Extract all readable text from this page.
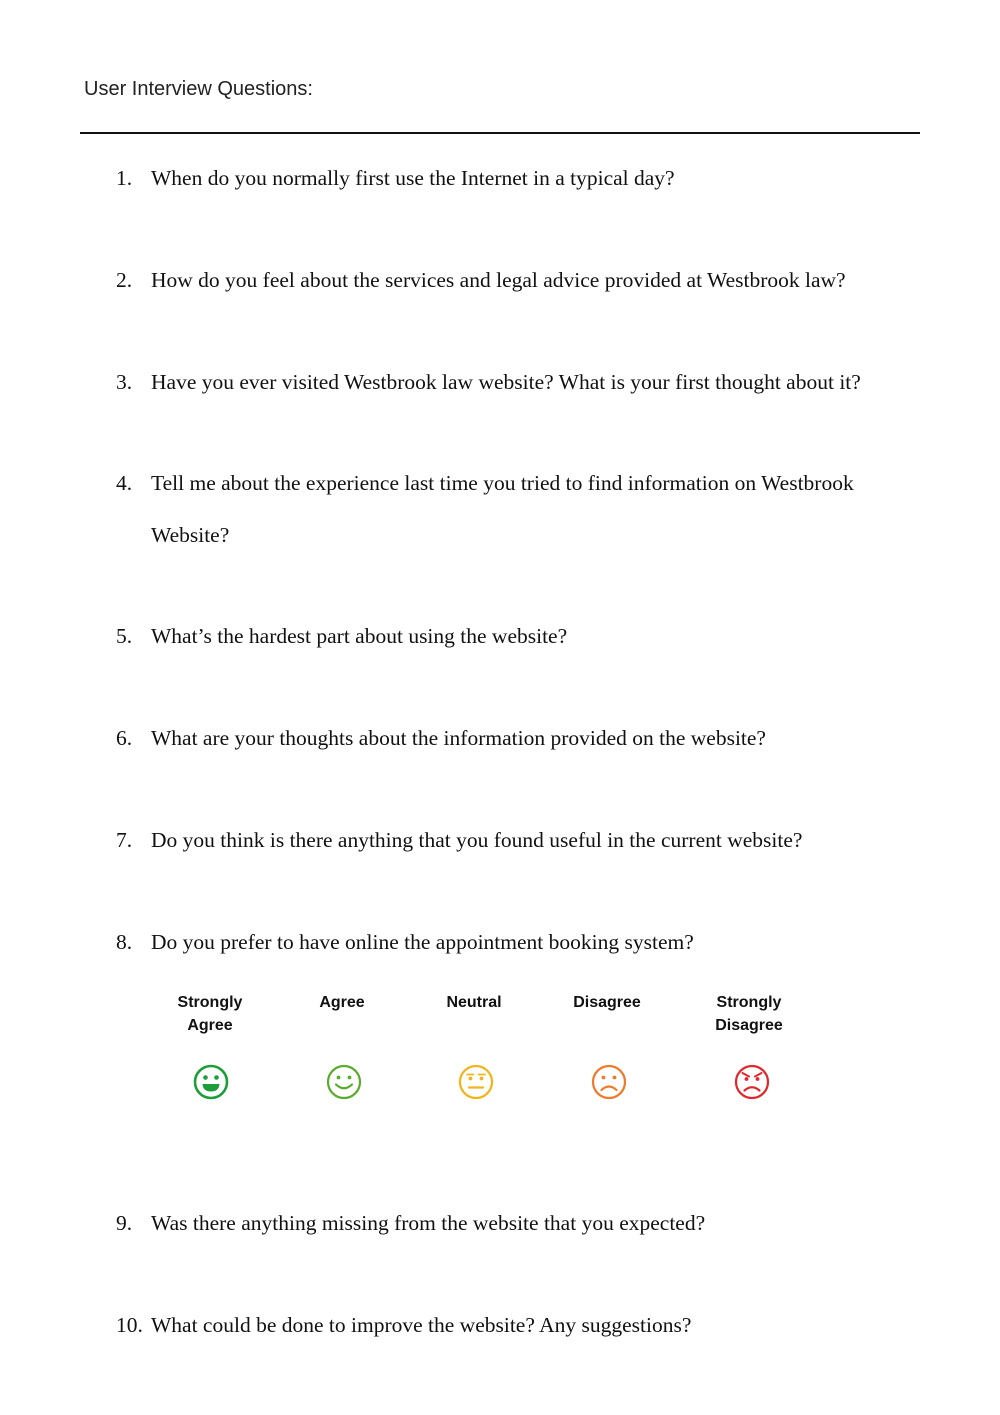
User Interview Questions:
1. When do you normally first use the Internet in a typical day?
2. How do you feel about the services and legal advice provided at Westbrook law?
3. Have you ever visited Westbrook law website? What is your first thought about it?
4. Tell me about the experience last time you tried to find information on Westbrook Website?
5. What’s the hardest part about using the website?
6. What are your thoughts about the information provided on the website?
7. Do you think is there anything that you found useful in the current website?
8. Do you prefer to have online the appointment booking system?
9. Was there anything missing from the website that you expected?
10. What could be done to improve the website? Any suggestions?
Strongly
Agree
Agree	Neutral	Disagree	Strongly
Disagree
